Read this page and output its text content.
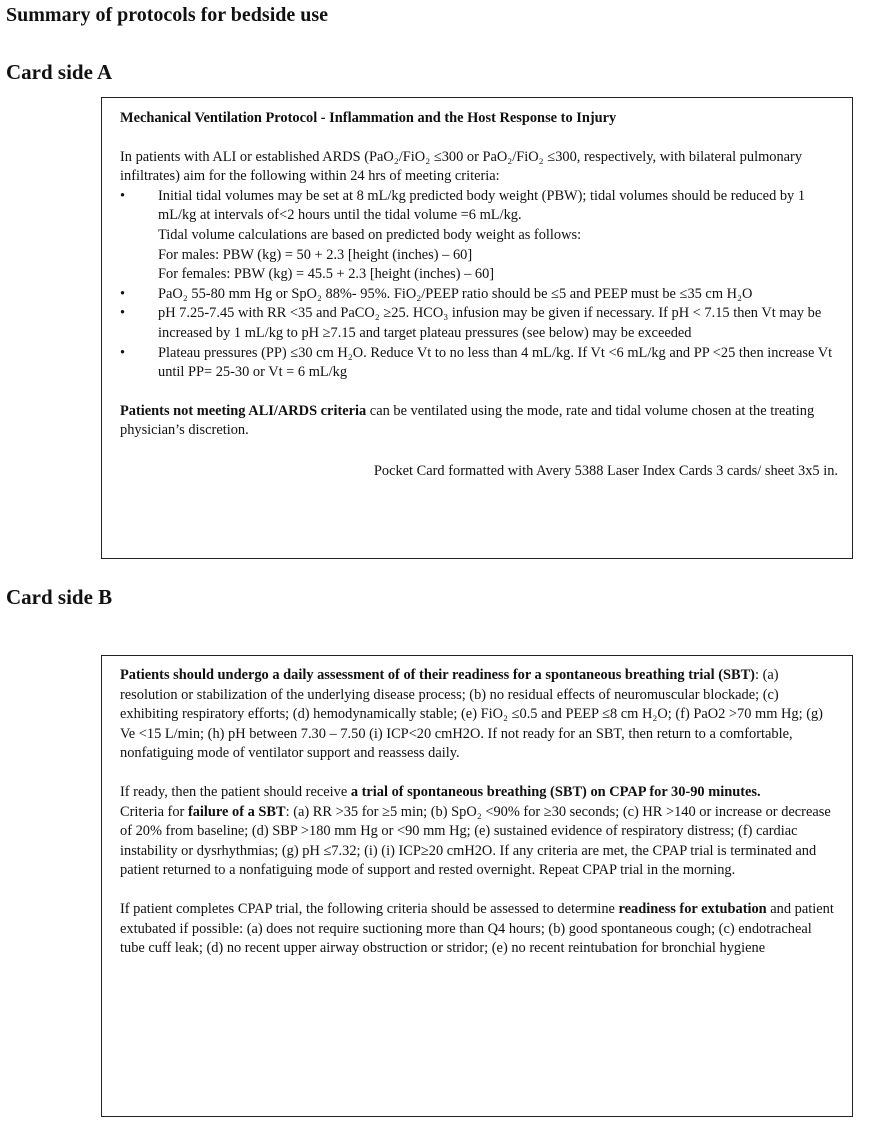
Summary of protocols for bedside use
Card side A

Mechanical Ventilation Protocol - Inflammation and the Host Response to Injury

In patients with ALI or established ARDS (PaO₂/FiO₂ ≤300 or PaO₂/FiO₂ ≤300, respectively, with bilateral pulmonary infiltrates) aim for the following within 24 hrs of meeting criteria:

• Initial tidal volumes may be set at 8 mL/kg predicted body weight (PBW); tidal volumes should be reduced by 1 mL/kg at intervals of<2 hours until the tidal volume =6 mL/kg.
Tidal volume calculations are based on predicted body weight as follows:
For males: PBW (kg) = 50 + 2.3 [height (inches) – 60]
For females: PBW (kg) = 45.5 + 2.3 [height (inches) – 60]
• PaO₂ 55-80 mm Hg or SpO₂ 88%- 95%. FiO₂/PEEP ratio should be ≤5 and PEEP must be ≤35 cm H₂O
• pH 7.25-7.45 with RR <35 and PaCO₂ ≥25. HCO₃ infusion may be given if necessary. If pH < 7.15 then Vt may be increased by 1 mL/kg to pH ≥7.15 and target plateau pressures (see below) may be exceeded
• Plateau pressures (PP) ≤30 cm H₂O. Reduce Vt to no less than 4 mL/kg. If Vt <6 mL/kg and PP <25 then increase Vt until PP= 25-30 or Vt = 6 mL/kg

Patients not meeting ALI/ARDS criteria can be ventilated using the mode, rate and tidal volume chosen at the treating physician’s discretion.

Pocket Card formatted with Avery 5388 Laser Index Cards 3 cards/ sheet 3x5 in.

Card side B

Patients should undergo a daily assessment of of their readiness for a spontaneous breathing trial (SBT): (a) resolution or stabilization of the underlying disease process; (b) no residual effects of neuromuscular blockade; (c) exhibiting respiratory efforts; (d) hemodynamically stable; (e) FiO₂ ≤0.5 and PEEP ≤8 cm H₂O; (f) PaO2 >70 mm Hg; (g) Ve <15 L/min; (h) pH between 7.30 – 7.50 (i) ICP<20 cmH2O. If not ready for an SBT, then return to a comfortable, nonfatiguing mode of ventilator support and reassess daily.

If ready, then the patient should receive a trial of spontaneous breathing (SBT) on CPAP for 30-90 minutes.

Criteria for failure of a SBT: (a) RR >35 for ≥5 min; (b) SpO₂ <90% for ≥30 seconds; (c) HR >140 or increase or decrease of 20% from baseline; (d) SBP >180 mm Hg or <90 mm Hg; (e) sustained evidence of respiratory distress; (f) cardiac instability or dysrhythmias; (g) pH ≤7.32; (i) (i) ICP≥20 cmH2O. If any criteria are met, the CPAP trial is terminated and patient returned to a nonfatiguing mode of support and rested overnight. Repeat CPAP trial in the morning.

If patient completes CPAP trial, the following criteria should be assessed to determine readiness for extubation and patient extubated if possible: (a) does not require suctioning more than Q4 hours; (b) good spontaneous cough; (c) endotracheal tube cuff leak; (d) no recent upper airway obstruction or stridor; (e) no recent reintubation for bronchial hygiene
